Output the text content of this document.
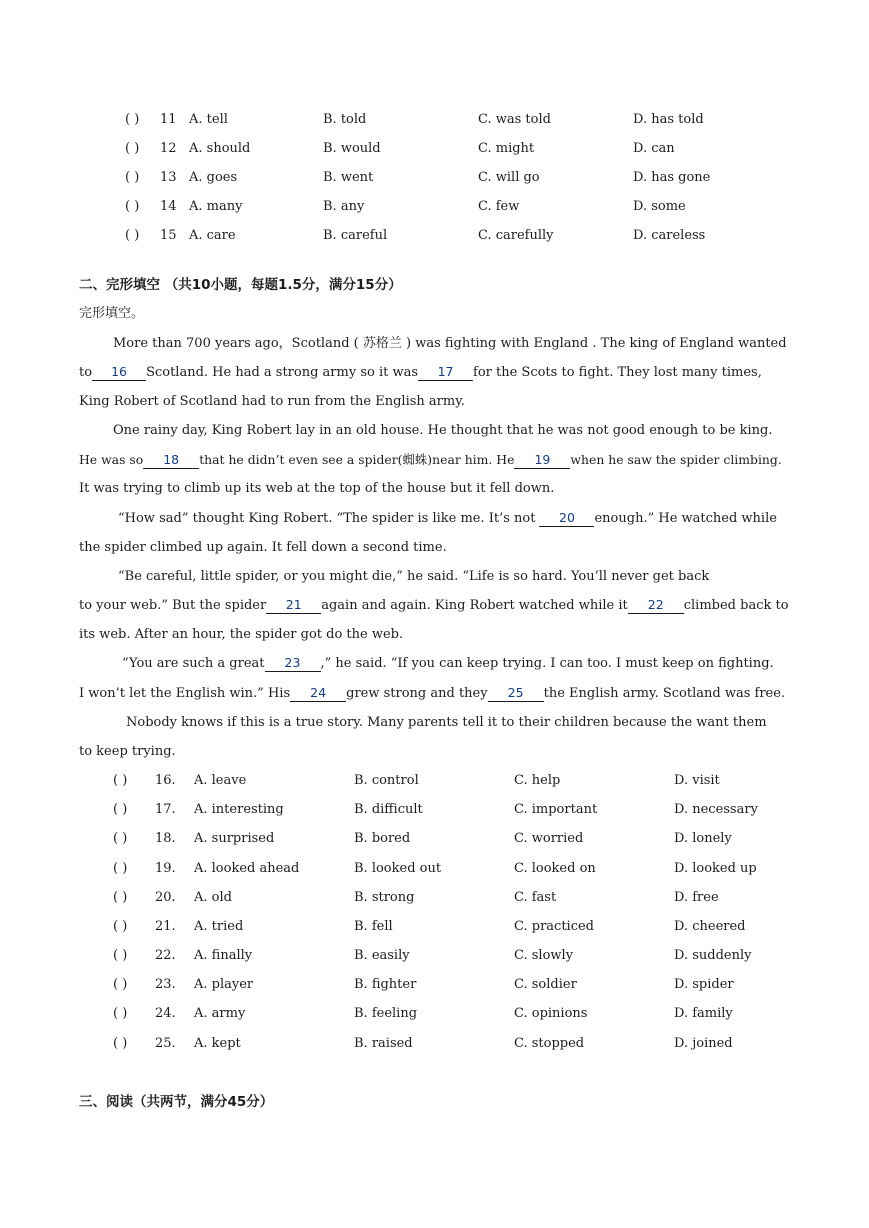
( ) 11 A. tell	B. told	C. was told	D. has told
( ) 12 A. should	B. would	C. might	D. can
( ) 13 A. goes	B. went	C. will go	D. has gone
( ) 14 A. many	B. any	C. few	D. some
( ) 15 A. care	B. careful	C. carefully	D. careless
二、完形填空 （共10小题，每题1.5分，满分15分）
完形填空。
More than 700 years ago，Scotland ( 苏格兰 ) was fighting with England . The king of England wanted
to 16 Scotland. He had a strong army so it was 17 for the Scots to fight. They lost many times,
King Robert of Scotland had to run from the English army.
One rainy day, King Robert lay in an old house. He thought that he was not good enough to be king.
He was so 18 that he didn’t even see a spider(蜘蛛)near him. He 19 when he saw the spider climbing.
It was trying to climb up its web at the top of the house but it fell down.
“How sad” thought King Robert. “The spider is like me. It’s not 20 enough.” He watched while
the spider climbed up again. It fell down a second time.
“Be careful, little spider, or you might die,” he said. “Life is so hard. You’ll never get back
to your web.” But the spider 21 again and again. King Robert watched while it 22 climbed back to
its web. After an hour, the spider got do the web.
“You are such a great 23 ,” he said. “If you can keep trying. I can too. I must keep on fighting.
I won’t let the English win.” His 24 grew strong and they 25 the English army. Scotland was free.
Nobody knows if this is a true story. Many parents tell it to their children because the want them
to keep trying.
( ) 16. A. leave	B. control	C. help	D. visit
( ) 17. A. interesting	B. difficult	C. important	D. necessary
( ) 18. A. surprised	B. bored	C. worried	D. lonely
( ) 19. A. looked ahead	B. looked out	C. looked on	D. looked up
( ) 20. A. old	B. strong	C. fast	D. free
( ) 21. A. tried	B. fell	C. practiced	D. cheered
( ) 22. A. finally	B. easily	C. slowly	D. suddenly
( ) 23. A. player	B. fighter	C. soldier	D. spider
( ) 24. A. army	B. feeling	C. opinions	D. family
( ) 25. A. kept	B. raised	C. stopped	D. joined
三、阅读（共两节，满分45分）
